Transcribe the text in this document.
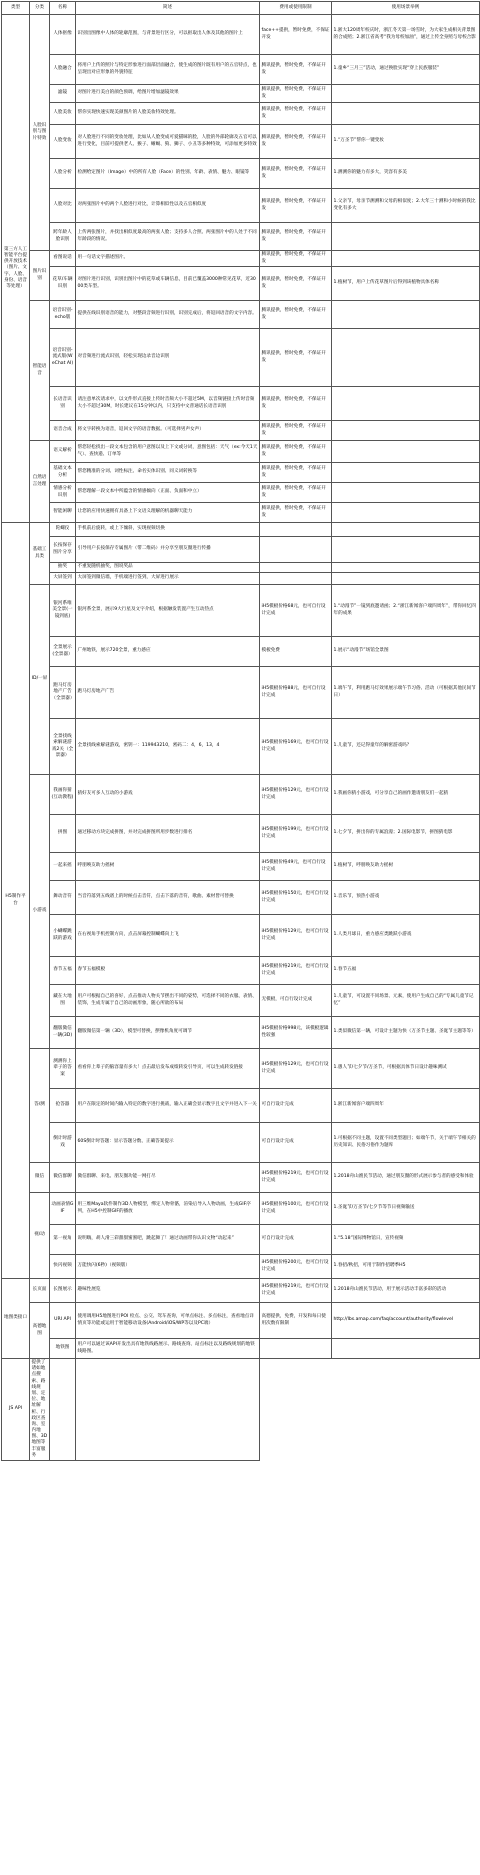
类型	分类	名称	简述	费用或使用限制	使用场景举例
第三方人工智能平台提供开放技术（图片、文字、人脸、身份、语音等处理）	人脸识别与图片特效	人体抠像	识别出图像中人体的轮廓范围，与背景进行区分，可以抠取出人体及其他的图片上	face++提供，暂时免费，不保证开发	1.浙大120周年校庆时，浙江冬天第一场雪时，为大家生成相关背景图的合成照；2.浙江省高考“我为母校加油”，通过上传全身照与母校合影
		人脸融合	将用户上传的照片与特定形象进行面部层面融合，使生成的图片既有用户的五官特点，也呈现出对应形象的外貌特征	腾讯提供，暂时免费，不保证开发	1.童乡“三月三”活动，通过换脸实现“穿上民族服装”
		滤镜	对图片进行美白的颜色预调，给图片增加滤镜效果	腾讯提供，暂时免费，不保证开发	
		人脸美妆	帮你实现快速实现美颜图片的人脸美妆特效处理。	腾讯提供，暂时免费，不保证开发	
		人脸变妆	对人脸进行不同的变妆处理，比如从人脸变成可爱猫咪的脸，人脸的外部轮廓及五官可以进行变化，目前可提供老人、猴子、蜥蜴、狗、狮子、小丑等多种特效，可添加更多特效	腾讯提供，暂时免费，不保证开发	1.“万圣节”帮你一键变妆
		人脸分析	检测给定图片（Image）中的所有人脸（Face）的性别、年龄、表情、魅力、眼镜等	腾讯提供，暂时免费，不保证开发	1.测测你的魅力有多大，笑容有多美
		人脸对比	对两张图片中的两个人脸进行对比，计算相似性以及五官相似度	腾讯提供，暂时免费，不保证开发	1.父亲节，母亲节测测和父母的相似度；2.大年三十测和小时候的我比变化有多大
		跨年龄人脸识别	上传两张图片，并找出相似度最高的两张人脸；支持多人合照、两张图片中的人处于不同年龄段的情况。	腾讯提供，暂时免费，不保证开发	
	图片识别	看图说话	用一句话文字描述图片。	腾讯提供，暂时免费，不保证开发	
		花草/车辆识别	对图片进行识别，识别出图片中的花草或车辆信息，目前已覆盖3000种常见花草，近3000类车型。	腾讯提供，暂时免费，不保证开发	1.植树节，用户上传花草图片后得到该植物具体名称
	智能语音	语音识别-echo版	提供在线识别语音的能力，对整段音频进行识别，识别完成后，将返回语音的文字内容。	腾讯提供，暂时免费，不保证开发	
		语音识别-流式版(WeChat AI)	对音频进行流式识别，轻松实现边录音边识别	腾讯提供，暂时免费，不保证开发	
		长语音识别	请注意单次请求中，以文件形式直接上传时音频大小不超过5M，以音频链接上传时音频大小不超过30M，时长建议在15分钟以内，只支持中文普通话长语音识别	腾讯提供，暂时免费，不保证开发	
		语音合成	将文字转换为语音，返回文字的语音数据。（可选择男声女声）	腾讯提供，暂时免费，不保证开发	
	自然语言处理	语义解析	帮您轻松找出一段文本包含的用户意图以及上下文或分词，意图包括：天气（ex:今天1天气）、查快递、订单等	腾讯提供，暂时免费，不保证开发	
		基础文本分析	帮您精准的分词、词性标注、命名实体识别、同义词转换等	腾讯提供，暂时免费，不保证开发	
		情感分析识别	帮您理解一段文本中所蕴含的情感倾向（正面、负面和中立）	腾讯提供，暂时免费，不保证开发	
		智能闲聊	让您的应用快速拥有具备上下文语义理解的机器聊天能力	腾讯提供，暂时免费，不保证开发	
H5制作平台	基础工具类	陀螺仪	手机前后旋转，或上下倾斜，实现视频切换		
		长按保存图片分享	引导用户长按保存专属图片（带二维码）并分享至朋友圈进行传播		
		抽奖	不重复随机抽奖，图说奖品		
		大屏签到	大屏签到微信墙，手机端进行签到，大屏进行展示		
	ID/一屏	银河系唯美全景(一镜到底)	银河系全景，展示9大行星及文字介绍，根据触发装置产生互动热点	iH5模板价格68元，也可自行设计完成	1.“动漫节”一镜到底邀请函；2.“浙江新闻客户端四周年”，带你回忆四年的成果
		全景展示(全景器）	广州地铁，展示720全景，重力感应	模板免费	1.展示“动漫节”场馆全景图
		跑马灯房地产广告（全景器）	跑马灯房地产广告	iH5模板价格88元，也可自行设计完成	1.端午节，利用跑马灯效果展示端午节习俗、活动（可根据其他民间节日）
		全景找线索解谜游戏2关（全景器）	全景找线索解谜游戏，密钥一：119943210，密码二：4，6，13，4	iH5模板价格169元，也可自行设计完成	1.儿童节，还记得童年的解密游戏吗？
	小游戏	我画你猜(互动教程)	猜好友可多人互动的小游戏	iH5模板价格129元，也可自行设计完成	1.我画你猜小游戏，可分享自己的画作邀请朋友们一起猜
		拼图	通过移动方块完成拼图，并对完成拼图所用步数进行排名	iH5模板价格199元，也可自行设计完成	1.七夕节，拼出你的专属浪漫；2.国际电影节，拼图猜电影
		一起来摇	呼朋唤友助力摇树	iH5模板价格49元，也可自行设计完成	1.植树节，呼朋唤友助力摇树
		舞动音符	当音符落到五线谱上的时候点击音符，点击下落的音符，歌曲、素材皆可替换	iH5模板价格150元，也可自行设计完成	1.音乐节，预热小游戏
		小蝴蝶跳跃的游戏	在右视角手机控制方向，点击屏幕控制蝴蝶向上飞	iH5模板价格129元，也可自行设计完成	1.人类月球日，重力感应类跳跃小游戏
		春节五福	春节五福模板	iH5模板价格219元，也可自行设计完成	1.春节五福
		藏在大地图	用户可根据自己的喜好，点击推动人物关节摆出不同的姿势，可选择不同的衣服、表情、装饰，生成专属于自己的动画形象，随心所欲的布局	无模板，可自行设计完成	1.儿童节，可设置不同场景、元素，使用户生成自己的“专属儿童节记忆”
		翻版微信一辆(3D)	翻版微信第一辆（3D），模型可替换，摆像机角度可调节	iH5模板价格998元，该模板逻辑性较强	1.类似微信第一辆，可设计主题为快（万圣节主题、圣诞节主题等等）
	答/测	测测你上辈子的答案	看看你上辈子的脑容量有多大！点击最后发布成绩转发引导页，可以生成转发链接	iH5模板价格129元，也可自行设计完成	1.愚人节/七夕节/万圣节，可根据具体节日设计趣味测试
		抢答器	用户在限定的时间内输入特定的数字进行挑战，输入正确会显示数字且文字并进入下一关	可自行设计完成	1.浙江新闻客户端四周年
		倒计时游戏	60S倒计时答题：显示答题分数、正确答案提示	可自行设计完成	1.可根据不同主题，设置不同类型题目；如端午节，关于端午节相关的历史知识、民俗习俗作为题库
	微信	微信群聊	微信群聊、来电、朋友圈功能一网打尽	iH5模板价格219元，也可自行设计完成	1.2018舟山渔民节活动，通过朋友圈的形式展示参与者的感受和体验
	视/动	动画表情GIF	用三维Maya软件制作3D人物模型，绑定人物骨骼，渲染后导入人物动画，生成GIF序列，在H5中控制GIF的播放	iH5模板价格100元，也可自行设计完成	1.圣诞节/万圣节/七夕节等节日视频输送
		第一视角	说明嗨，胡人滑三彩甜甜蜜蜜吧，跳起舞了！通过动画带你认识文物“动起来”	可自行设计完成	1.“5.18”国际博物馆日，宣传视频
		快闪视频	万能快闪(6秒)（视频版）	iH5模板价格200元，也可自行设计完成	1.春招/秋招，可用于制作招聘季H5
地图类接口	长页面	长图展示	趣味性展览	iH5模板价格219元，也可自行设计完成	1.2018舟山渔民节活动，用于展示活动丰富多彩的活动
	高德地图	URI API	使用调用H5地图进行POI 检点、公交、驾车查询，可单点标注、多点标注，查看地点详情页等功能或运用于智能移动设备(Android/iOS/WP等以及PC端）	高德提供，免费，开发和每日使用次数有限制	http://lbs.amap.com/faq/account/authority/flowlevel
		地铁图	用户可以通过该API开发出具有地铁线路展示、路线查询、站点标注以及路线规划的地铁线路图。		
JS API	提供了诸如地点搜索、路线规划、定位、地址解析、行政区查询、室内地图、3D地图等丰富服务				
